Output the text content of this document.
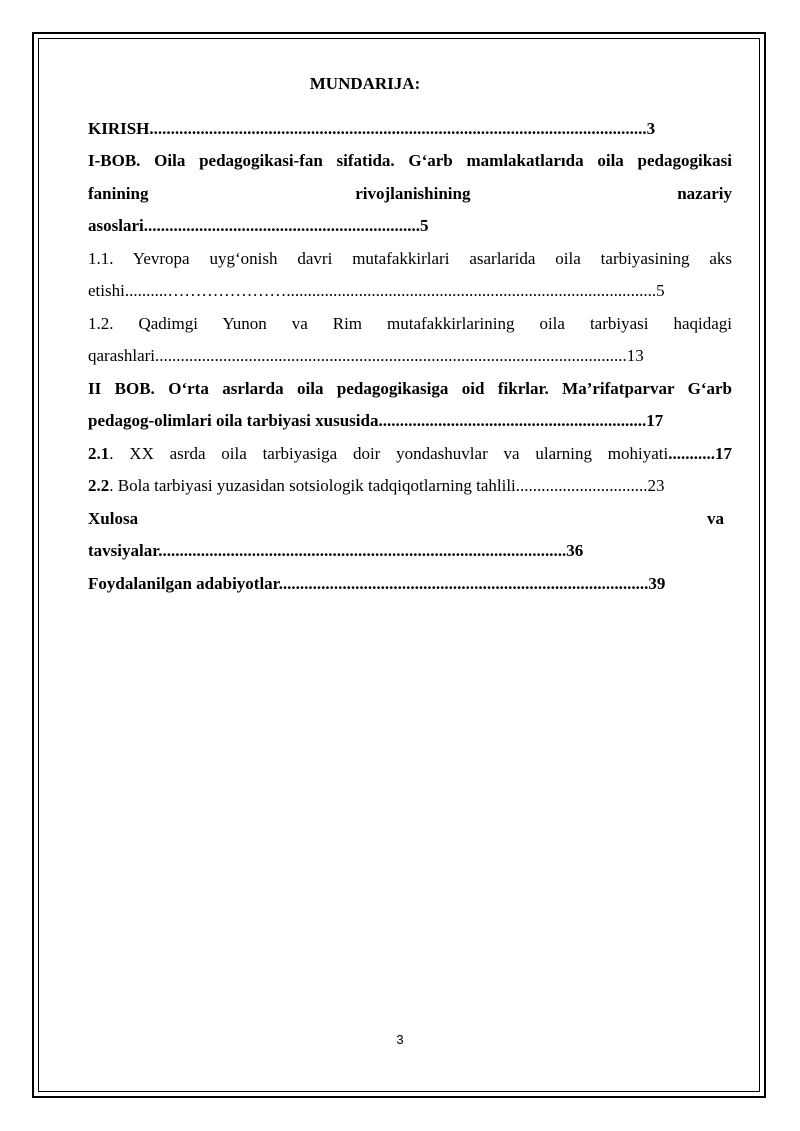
MUNDARIJA:

KIRISH.....................................................................................................................3

I-BOB. Oila pedagogikasi-fan sifatida. G‘arb mamlakatlarıda oila pedagogikasi

fanining	rivojlanishining	nazariy

asoslari.................................................................5

1.1. Yevropa uyg‘onish davri mutafakkirlari asarlarida oila tarbiyasining aks

etishi..........………………….......................................................................................5

1.2. Qadimgi Yunon va Rim mutafakkirlarining oila tarbiyasi haqidagi

qarashlari...............................................................................................................13

II BOB. O‘rta asrlarda oila pedagogikasiga oid fikrlar. Ma’rifatparvar G‘arb

pedagog-olimlari oila tarbiyasi xususida...............................................................17

2.1. XX asrda oila tarbiyasiga doir yondashuvlar va ularning mohiyati...........17

2.2. Bola tarbiyasi yuzasidan sotsiologik tadqiqotlarning tahlili...............................23

Xulosa	va

tavsiyalar................................................................................................36

Foydalanilgan adabiyotlar.......................................................................................39

3
